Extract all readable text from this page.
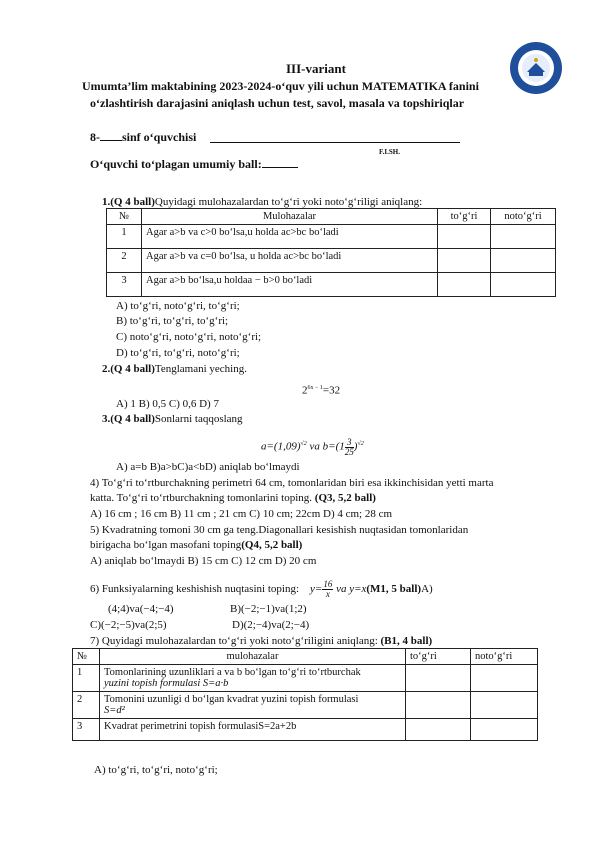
III-variant
Umumta’lim maktabining 2023-2024-o‘quv yili uchun MATEMATIKA fanini
o‘zlashtirish darajasini aniqlash uchun test, savol, masala va topshiriqlar
8- sinf o‘quvchisi
F.I.SH.
O‘quvchi to‘plagan umumiy ball:
1.(Q 4 ball)Quyidagi mulohazalardan to‘g‘ri yoki noto‘g‘riligi aniqlang:
№	Mulohazalar	to‘g‘ri	noto‘g‘ri
1	Agar a>b va c>0 bo‘lsa,u holda ac>bc bo‘ladi		
2	Agar a>b va c=0 bo‘lsa, u holda ac>bc bo‘ladi		
3	Agar a>b bo‘lsa,u holdaa − b>0 bo‘ladi		
A) to‘g‘ri, noto‘g‘ri, to‘g‘ri;
B) to‘g‘ri, to‘g‘ri, to‘g‘ri;
C) noto‘g‘ri, noto‘g‘ri, noto‘g‘ri;
D) to‘g‘ri, to‘g‘ri, noto‘g‘ri;
2.(Q 4 ball)Tenglamani yeching.
$2^{6x - 1}=32$
A) 1 B) 0,5 C) 0,6 D) 7
3.(Q 4 ball)Sonlarni taqqoslang
$a=(1,09)^{√2}$ va $b=(1 \frac{3}{25} )^{√2}$
A) a=b B)a>bC)a<bD) aniqlab bo‘lmaydi
4) To‘g‘ri to‘rtburchakning perimetri 64 cm, tomonlaridan biri esa ikkinchisidan yetti marta
katta. To‘g‘ri to‘rtburchakning tomonlarini toping. (Q3, 5,2 ball)
A) 16 cm ; 16 cm B) 11 cm ; 21 cm C) 10 cm; 22cm D) 4 cm; 28 cm
5) Kvadratning tomoni 30 cm ga teng.Diagonallari kesishish nuqtasidan tomonlaridan
birigacha bo‘lgan masofani toping(Q4, 5,2 ball)
A) aniqlab bo‘lmaydi B) 15 cm C) 12 cm D) 20 cm
6) Funksiyalarning keshishish nuqtasini toping: $y= \frac{16}{x}$ va y=x(M1, 5 ball)A)
(4;4)va(−4;−4)	B)(−2;−1)va(1;2)
C)(−2;−5)va(2;5)	D)(2;−4)va(2;−4)
7) Quyidagi mulohazalardan to‘g‘ri yoki noto‘g‘riligini aniqlang: (B1, 4 ball)
№	mulohazalar	to‘g‘ri	noto‘g‘ri
1	Tomonlarining uzunliklari a va b bo‘lgan to‘g‘ri to‘rtburchak
yuzini topish formulasi S=a·b		

2	Tomonini uzunligi d bo‘lgan kvadrat yuzini topish formulasi
S=d²		

3	Kvadrat perimetrini topish formulasiS=2a+2b		

A) to‘g‘ri, to‘g‘ri, noto‘g‘ri;
